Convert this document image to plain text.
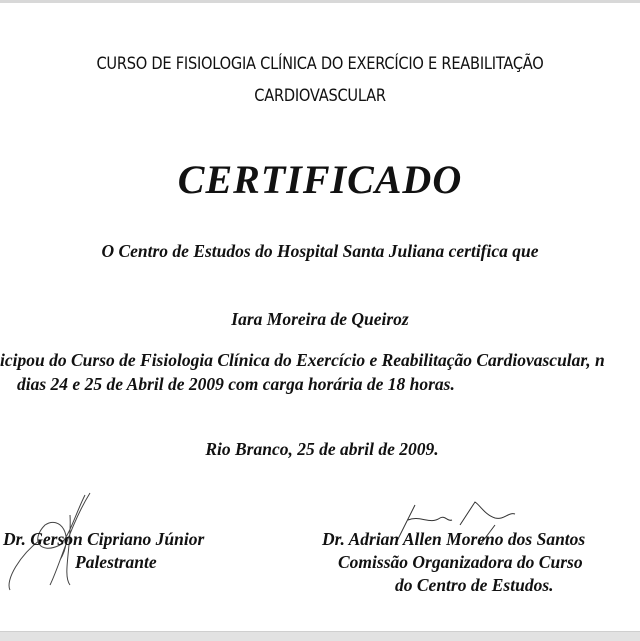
CURSO DE FISIOLOGIA CLÍNICA DO EXERCÍCIO E REABILITAÇÃO
CARDIOVASCULAR
CERTIFICADO
O Centro de Estudos do Hospital Santa Juliana certifica que
Iara Moreira de Queiroz
icipou do Curso de Fisiologia Clínica do Exercício e Reabilitação Cardiovascular, n
dias 24 e 25 de Abril de 2009 com carga horária de 18 horas.
Rio Branco, 25 de abril de 2009.
Dr. Gerson Cipriano Júnior
Palestrante
Dr. Adrian Allen Moreno dos Santos
Comissão Organizadora do Curso
do Centro de Estudos.
